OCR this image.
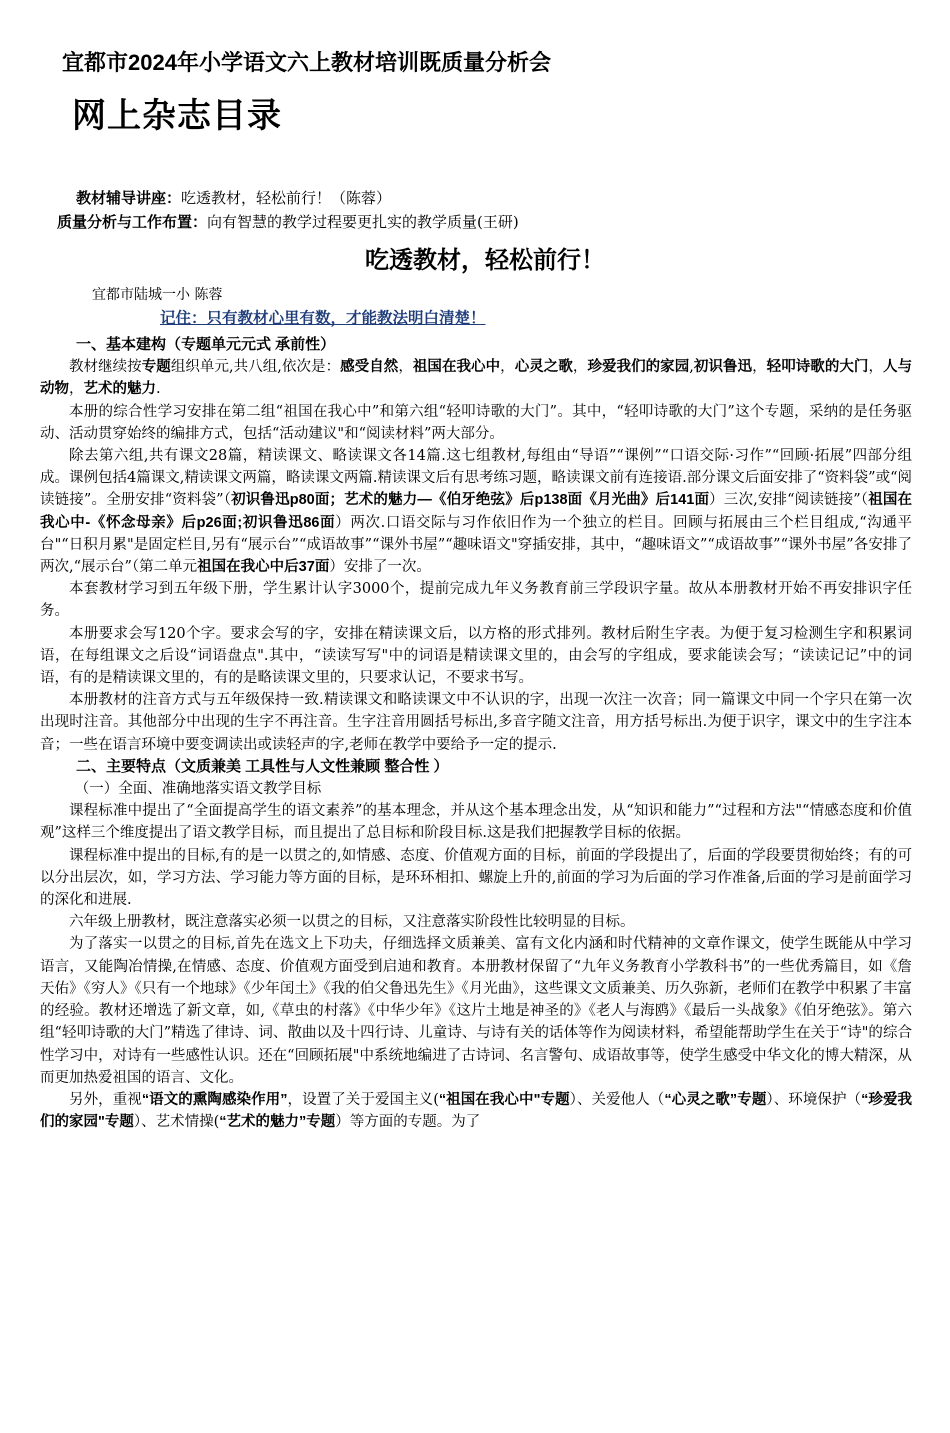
宜都市2024年小学语文六上教材培训既质量分析会
网上杂志目录
教材辅导讲座：吃透教材，轻松前行！（陈蓉）
质量分析与工作布置：向有智慧的教学过程要更扎实的教学质量(王研)
吃透教材，轻松前行！
宜都市陆城一小 陈蓉
记住：只有教材心里有数，才能教法明白清楚！

一、基本建构（专题单元元式 承前性）

教材继续按专题组织单元,共八组,依次是：感受自然，祖国在我心中，心灵之歌，珍爱我们的家园,初识鲁迅，轻叩诗歌的大门，人与动物，艺术的魅力.

本册的综合性学习安排在第二组“祖国在我心中”和第六组“轻叩诗歌的大门”。其中，“轻叩诗歌的大门”这个专题，采纳的是任务驱动、活动贯穿始终的编排方式，包括“活动建议"和“阅读材料”两大部分。

除去第六组,共有课文28篇，精读课文、略读课文各14篇.这七组教材,每组由“导语”“课例”“口语交际·习作”“回顾·拓展”四部分组成。课例包括4篇课文,精读课文两篇，略读课文两篇.精读课文后有思考练习题，略读课文前有连接语.部分课文后面安排了“资料袋”或“阅读链接”。全册安排“资料袋”（初识鲁迅p80面；艺术的魅力—《伯牙绝弦》后p138面《月光曲》后141面）三次,安排“阅读链接”（祖国在我心中-《怀念母亲》后p26面;初识鲁迅86面）两次.口语交际与习作依旧作为一个独立的栏目。回顾与拓展由三个栏目组成,“沟通平台"“日积月累"是固定栏目,另有“展示台”“成语故事”“课外书屋”“趣味语文"穿插安排，其中，“趣味语文”“成语故事”“课外书屋”各安排了两次,“展示台”（第二单元祖国在我心中后37面）安排了一次。

本套教材学习到五年级下册，学生累计认字3000个，提前完成九年义务教育前三学段识字量。故从本册教材开始不再安排识字任务。

本册要求会写120个字。要求会写的字，安排在精读课文后，以方格的形式排列。教材后附生字表。为便于复习检测生字和积累词语，在每组课文之后设“词语盘点".其中，“读读写写"中的词语是精读课文里的，由会写的字组成，要求能读会写；“读读记记”中的词语，有的是精读课文里的，有的是略读课文里的，只要求认记，不要求书写。

本册教材的注音方式与五年级保持一致.精读课文和略读课文中不认识的字，出现一次注一次音；同一篇课文中同一个字只在第一次出现时注音。其他部分中出现的生字不再注音。生字注音用圆括号标出,多音字随文注音，用方括号标出.为便于识字，课文中的生字注本音；一些在语言环境中要变调读出或读轻声的字,老师在教学中要给予一定的提示.

二、主要特点（文质兼美 工具性与人文性兼顾 整合性 ）

（一）全面、准确地落实语文教学目标

课程标准中提出了“全面提高学生的语文素养”的基本理念，并从这个基本理念出发，从“知识和能力”“过程和方法"“情感态度和价值观”这样三个维度提出了语文教学目标，而且提出了总目标和阶段目标.这是我们把握教学目标的依据。

课程标准中提出的目标,有的是一以贯之的,如情感、态度、价值观方面的目标，前面的学段提出了，后面的学段要贯彻始终；有的可以分出层次，如，学习方法、学习能力等方面的目标，是环环相扣、螺旋上升的,前面的学习为后面的学习作准备,后面的学习是前面学习的深化和进展.

六年级上册教材，既注意落实必须一以贯之的目标，又注意落实阶段性比较明显的目标。

为了落实一以贯之的目标,首先在选文上下功夫，仔细选择文质兼美、富有文化内涵和时代精神的文章作课文，使学生既能从中学习语言，又能陶冶情操,在情感、态度、价值观方面受到启迪和教育。本册教材保留了“九年义务教育小学教科书”的一些优秀篇目，如《詹天佑》《穷人》《只有一个地球》《少年闰土》《我的伯父鲁迅先生》《月光曲》，这些课文文质兼美、历久弥新，老师们在教学中积累了丰富的经验。教材还增选了新文章，如,《草虫的村落》《中华少年》《这片土地是神圣的》《老人与海鸥》《最后一头战象》《伯牙绝弦》。第六组“轻叩诗歌的大门”精选了律诗、词、散曲以及十四行诗、儿童诗、与诗有关的话体等作为阅读材料，希望能帮助学生在关于“诗"的综合性学习中，对诗有一些感性认识。还在“回顾拓展"中系统地编进了古诗词、名言警句、成语故事等，使学生感受中华文化的博大精深，从而更加热爱祖国的语言、文化。

另外，重视“语文的熏陶感染作用”，设置了关于爱国主义(“祖国在我心中"专题）、关爱他人（“心灵之歌”专题）、环境保护（“珍爱我们的家园"专题）、艺术情操(“艺术的魅力”专题）等方面的专题。为了
